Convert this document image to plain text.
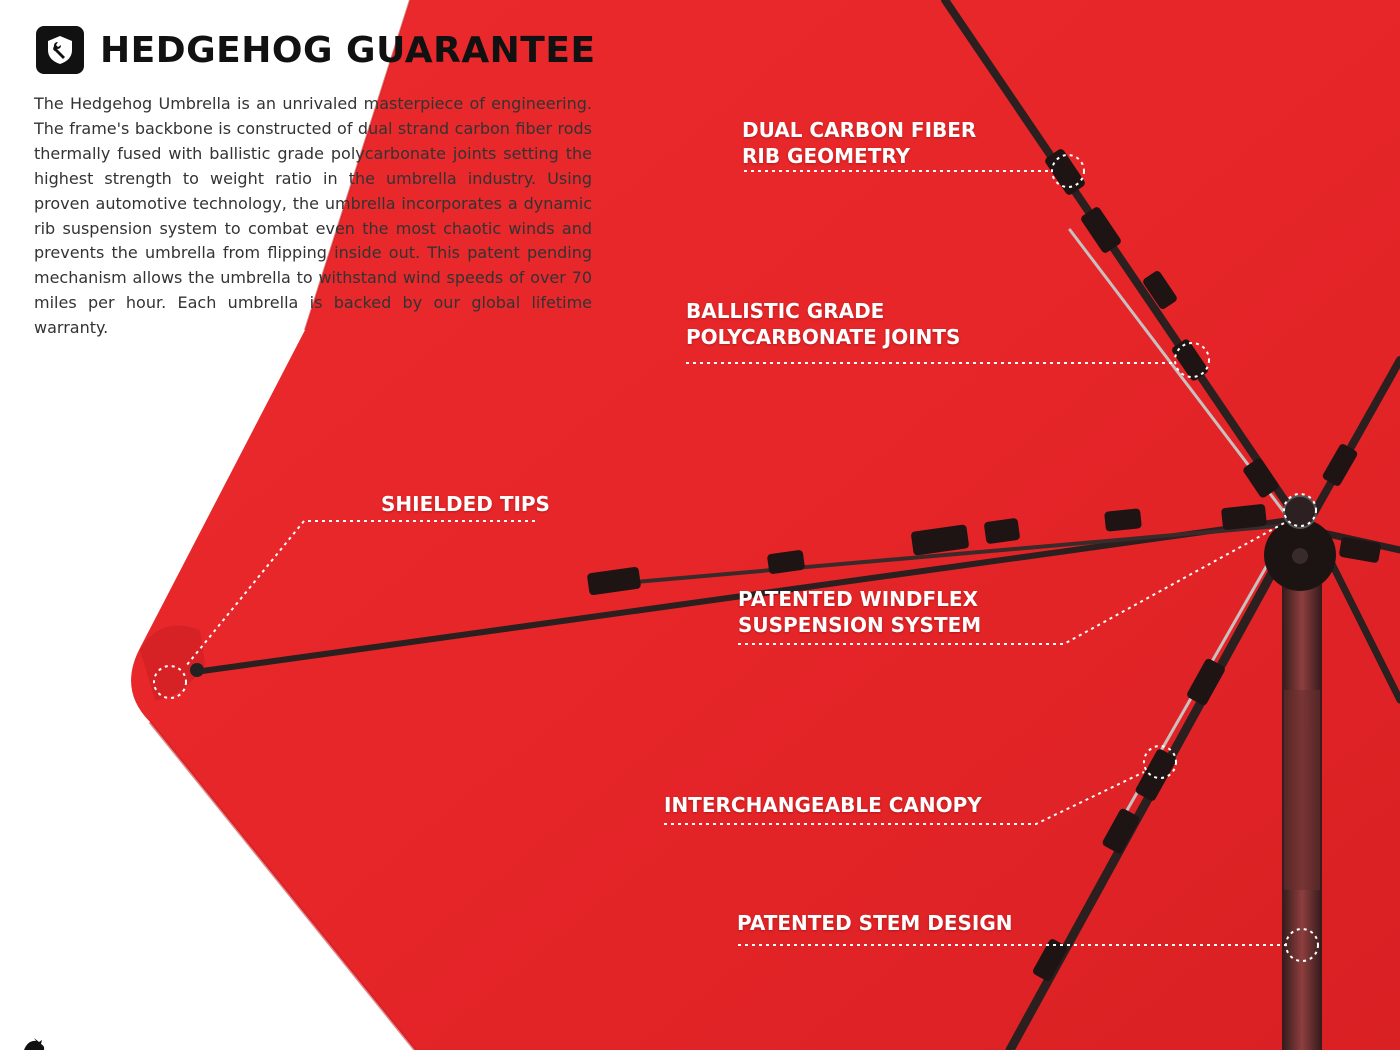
HEDGEHOG GUARANTEE

The Hedgehog Umbrella is an unrivaled masterpiece of engineering. The frame's backbone is constructed of dual strand carbon fiber rods thermally fused with ballistic grade polycarbonate joints setting the highest strength to weight ratio in the umbrella industry. Using proven automotive technology, the umbrella incorporates a dynamic rib suspension system to combat even the most chaotic winds and prevents the umbrella from flipping inside out. This patent pending mechanism allows the umbrella to withstand wind speeds of over 70 miles per hour. Each umbrella is backed by our global lifetime warranty.

DUAL CARBON FIBER
RIB GEOMETRY
BALLISTIC GRADE
POLYCARBONATE JOINTS
SHIELDED TIPS
PATENTED WINDFLEX
SUSPENSION SYSTEM
INTERCHANGEABLE CANOPY
PATENTED STEM DESIGN
